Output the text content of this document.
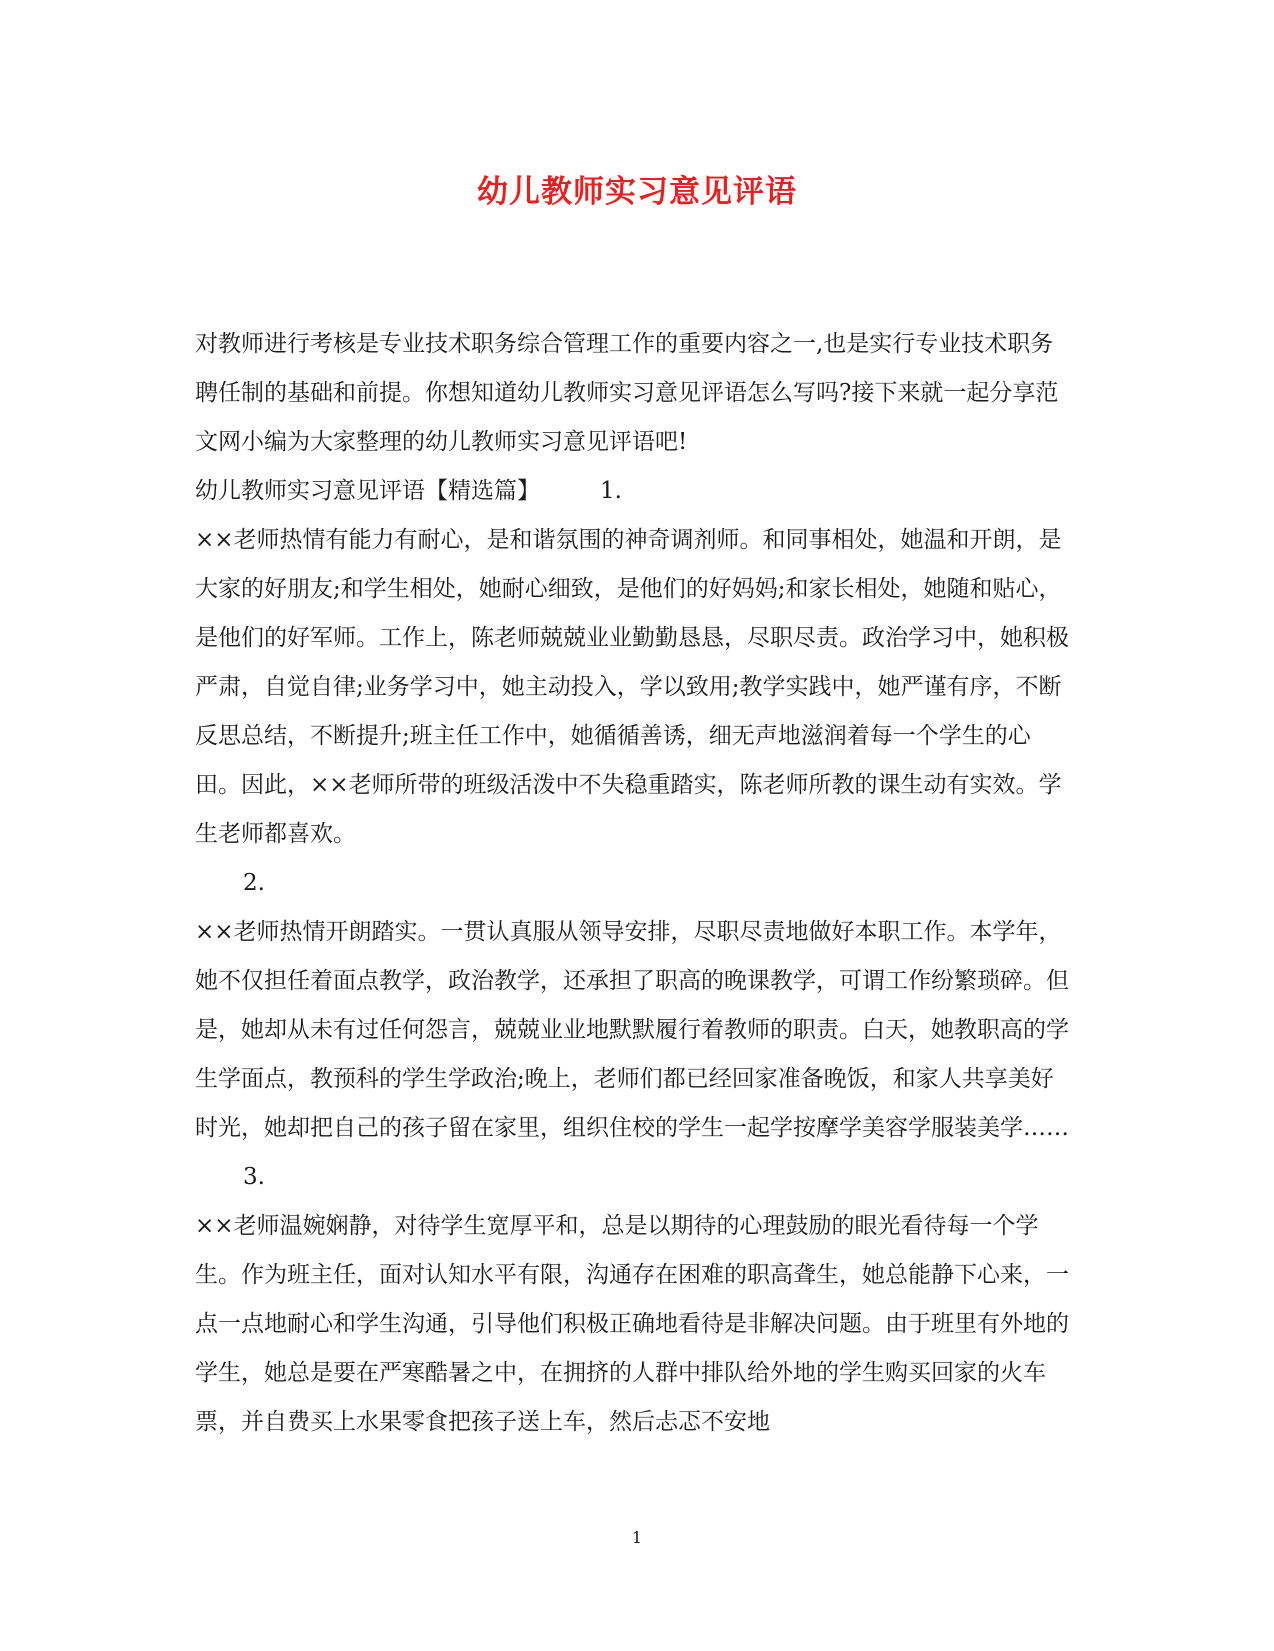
幼儿教师实习意见评语

对教师进行考核是专业技术职务综合管理工作的重要内容之一,也是实行专业技术职务聘任制的基础和前提。你想知道幼儿教师实习意见评语怎么写吗?接下来就一起分享范文网小编为大家整理的幼儿教师实习意见评语吧!

幼儿教师实习意见评语【精选篇】	1.

××老师热情有能力有耐心，是和谐氛围的神奇调剂师。和同事相处，她温和开朗，是大家的好朋友;和学生相处，她耐心细致，是他们的好妈妈;和家长相处，她随和贴心，是他们的好军师。工作上，陈老师兢兢业业勤勤恳恳，尽职尽责。政治学习中，她积极严肃，自觉自律;业务学习中，她主动投入，学以致用;教学实践中，她严谨有序，不断反思总结，不断提升;班主任工作中，她循循善诱，细无声地滋润着每一个学生的心田。因此，××老师所带的班级活泼中不失稳重踏实，陈老师所教的课生动有实效。学生老师都喜欢。

2.

××老师热情开朗踏实。一贯认真服从领导安排，尽职尽责地做好本职工作。本学年，她不仅担任着面点教学，政治教学，还承担了职高的晚课教学，可谓工作纷繁琐碎。但是，她却从未有过任何怨言，兢兢业业地默默履行着教师的职责。白天，她教职高的学生学面点，教预科的学生学政治;晚上，老师们都已经回家准备晚饭，和家人共享美好时光，她却把自己的孩子留在家里，组织住校的学生一起学按摩学美容学服装美学……

3.

××老师温婉娴静，对待学生宽厚平和，总是以期待的心理鼓励的眼光看待每一个学生。作为班主任，面对认知水平有限，沟通存在困难的职高聋生，她总能静下心来，一点一点地耐心和学生沟通，引导他们积极正确地看待是非解决问题。由于班里有外地的学生，她总是要在严寒酷暑之中，在拥挤的人群中排队给外地的学生购买回家的火车票，并自费买上水果零食把孩子送上车，然后忐忑不安地

1
